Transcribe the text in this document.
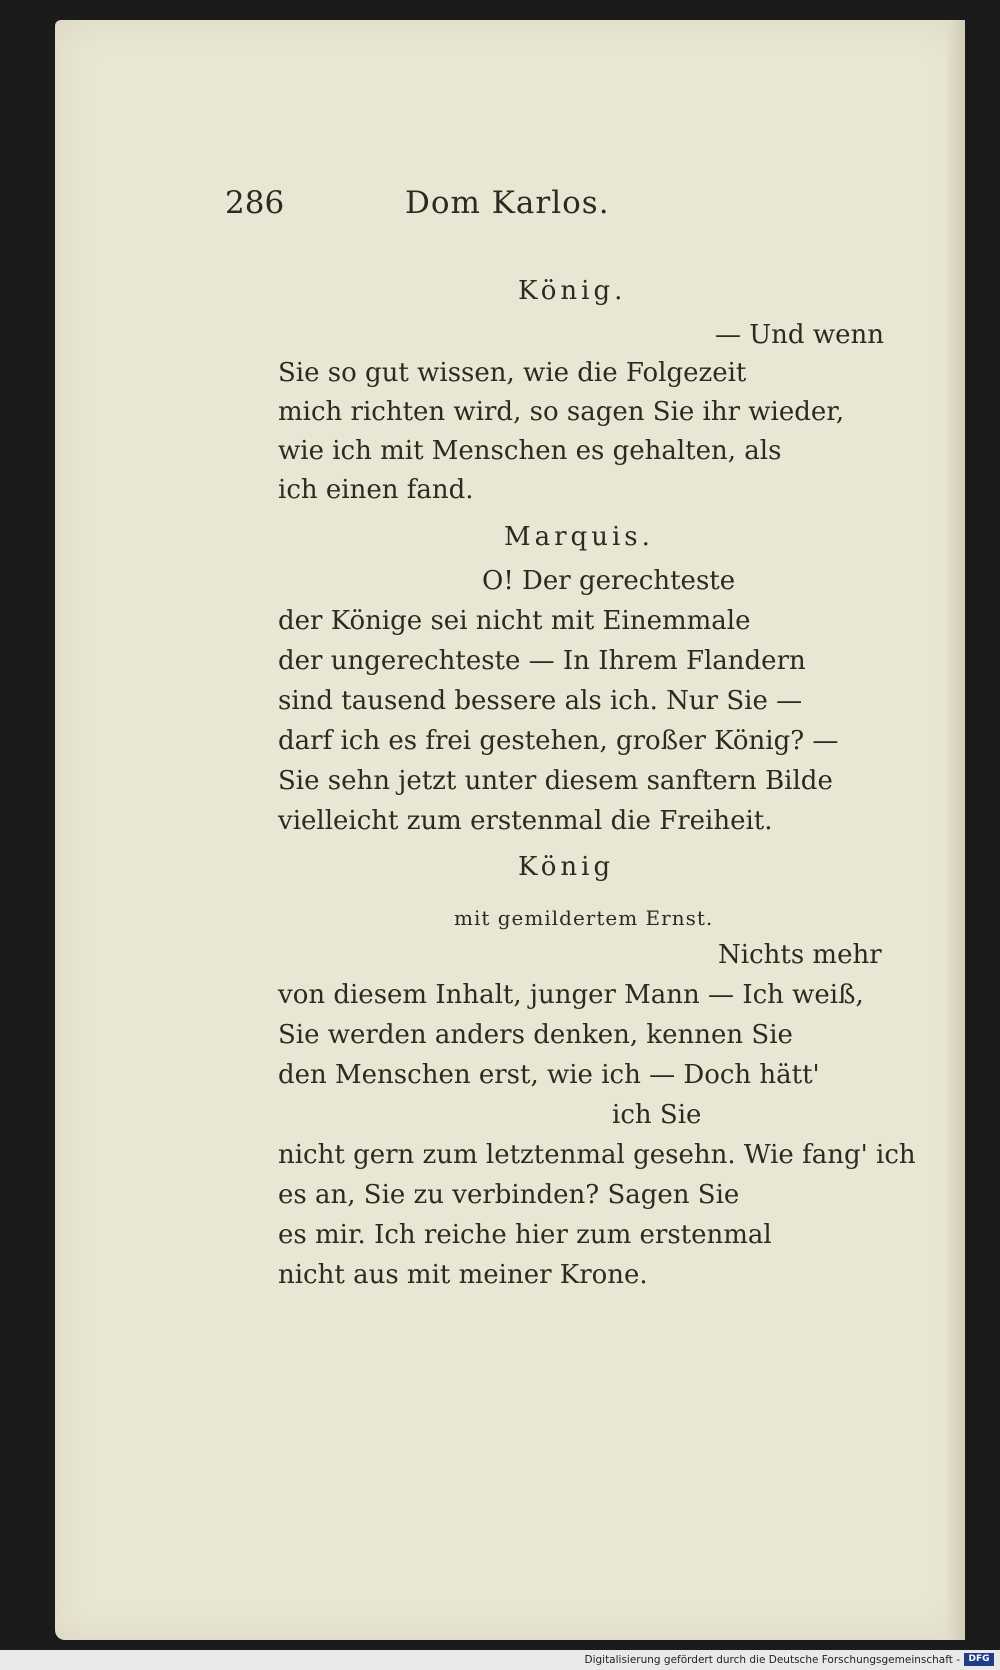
286	Dom Karlos.
König.
— Und wenn
Sie so gut wissen, wie die Folgezeit
mich richten wird, so sagen Sie ihr wieder,
wie ich mit Menschen es gehalten, als
ich einen fand.
Marquis.
O! Der gerechteste
der Könige sei nicht mit Einemmale
der ungerechteste — In Ihrem Flandern
sind tausend bessere als ich. Nur Sie —
darf ich es frei gestehen, großer König? —
Sie sehn jetzt unter diesem sanftern Bilde
vielleicht zum erstenmal die Freiheit.
König
mit gemildertem Ernst.
Nichts mehr
von diesem Inhalt, junger Mann — Ich weiß,
Sie werden anders denken, kennen Sie
den Menschen erst, wie ich — Doch hätt'
ich Sie
nicht gern zum letztenmal gesehn. Wie fang' ich
es an, Sie zu verbinden? Sagen Sie
es mir. Ich reiche hier zum erstenmal
nicht aus mit meiner Krone.
Digitalisierung gefördert durch die Deutsche Forschungsgemeinschaft - DFG
